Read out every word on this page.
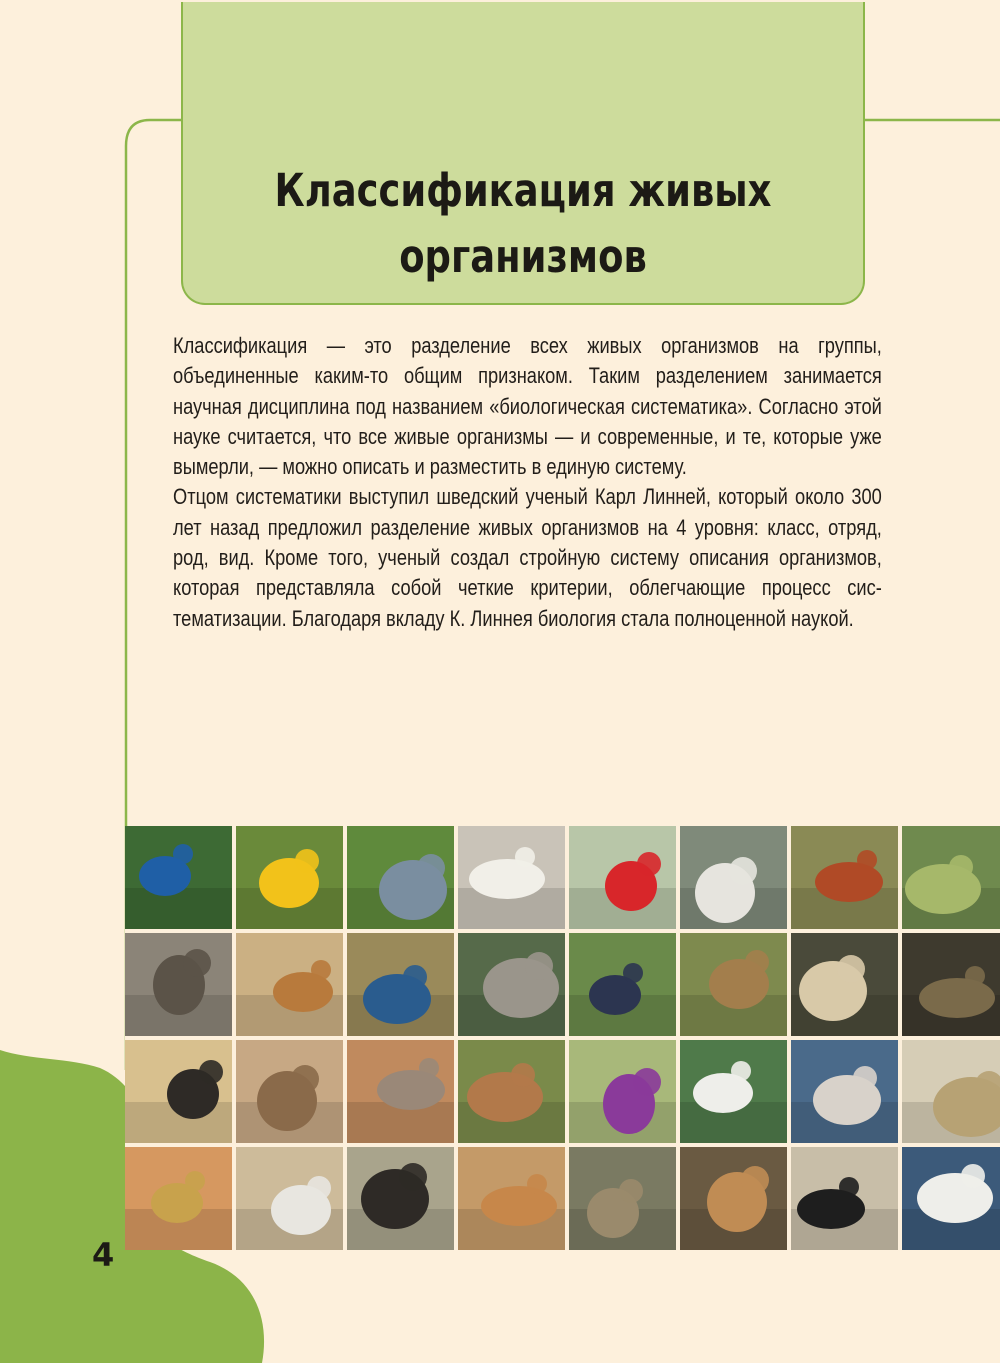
Классификация живых организмов

Классификация — это разделение всех живых организмов на группы, объединенные каким-то общим признаком. Таким разделением занимается научная дисциплина под названием «биологическая систематика». Согласно этой науке считается, что все живые организмы — и современные, и те, которые уже вымерли, — можно описать и разместить в единую систему.

Отцом систематики выступил шведский ученый Карл Линней, который около 300 лет назад предложил разделение живых организмов на 4 уровня: класс, отряд, род, вид. Кроме того, ученый создал стройную систему описания организмов, которая представляла собой четкие критерии, облегчающие процесс систематизации. Благодаря вкладу К. Линнея биология стала полноценной наукой.

4
